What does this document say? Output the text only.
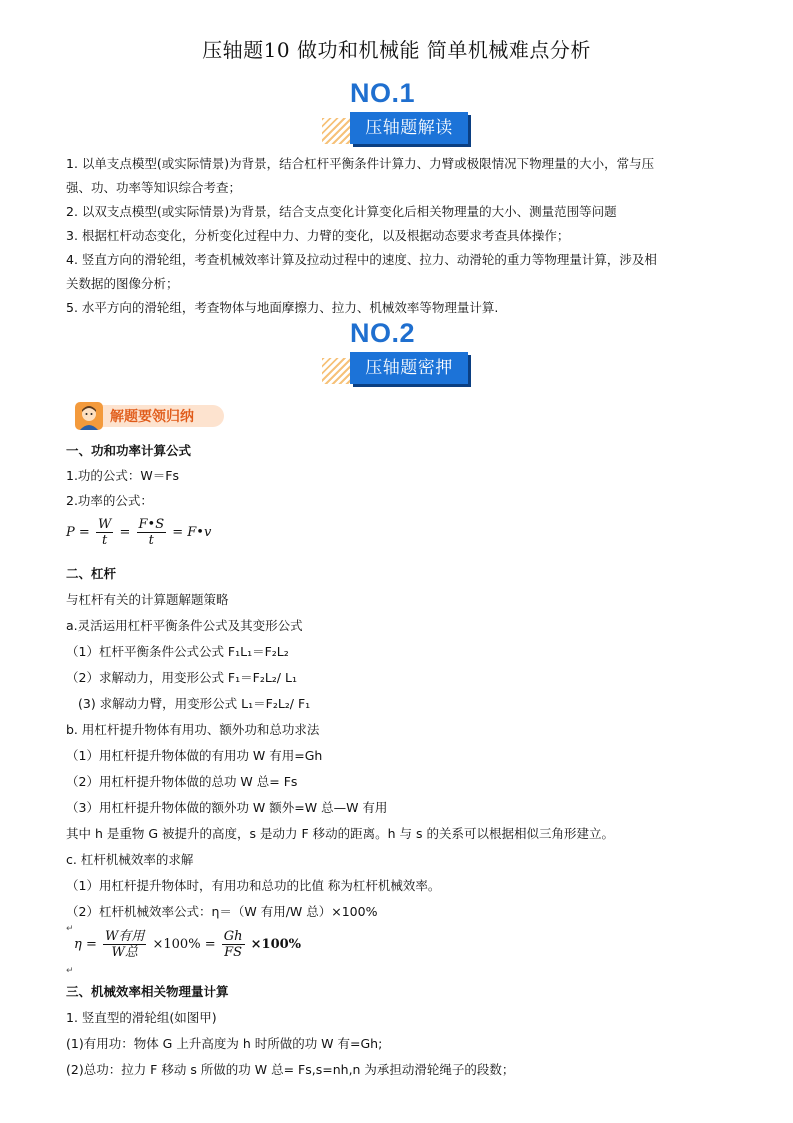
压轴题10 做功和机械能 简单机械难点分析
NO.1
压轴题解读
1. 以单支点模型(或实际情景)为背景，结合杠杆平衡条件计算力、力臂或极限情况下物理量的大小，常与压
强、功、功率等知识综合考查；
2. 以双支点模型(或实际情景)为背景，结合支点变化计算变化后相关物理量的大小、测量范围等问题
3. 根据杠杆动态变化，分析变化过程中力、力臂的变化，以及根据动态要求考查具体操作；
4. 竖直方向的滑轮组，考查机械效率计算及拉动过程中的速度、拉力、动滑轮的重力等物理量计算，涉及相
关数据的图像分析；
5. 水平方向的滑轮组，考查物体与地面摩擦力、拉力、机械效率等物理量计算.
NO.2
压轴题密押
解题要领归纳
一、功和功率计算公式
1.功的公式：W＝Fs
2.功率的公式：
$P = \frac{W}{t} = \frac{F•S}{t}$ = F•v
二、杠杆
与杠杆有关的计算题解题策略
a.灵活运用杠杆平衡条件公式及其变形公式
（1）杠杆平衡条件公式公式 F₁L₁＝F₂L₂
（2）求解动力，用变形公式 F₁＝F₂L₂/ L₁
(3) 求解动力臂，用变形公式 L₁＝F₂L₂/ F₁
b. 用杠杆提升物体有用功、额外功和总功求法
（1）用杠杆提升物体做的有用功 W 有用=Gh
（2）用杠杆提升物体做的总功 W 总= Fs
（3）用杠杆提升物体做的额外功 W 额外=W 总—W 有用
其中 h 是重物 G 被提升的高度，s 是动力 F 移动的距离。h 与 s 的关系可以根据相似三角形建立。
c. 杠杆机械效率的求解
（1）用杠杆提升物体时，有用功和总功的比值 称为杠杆机械效率。
（2）杠杆机械效率公式：η＝（W 有用/W 总）×100%
↵
$\eta = \frac{\text{W有用}}{\text{W总}} \times 100\% = \frac{Gh}{FS} \times 100\%$
↵
三、机械效率相关物理量计算
1. 竖直型的滑轮组(如图甲)
(1)有用功：物体 G 上升高度为 h 时所做的功 W 有=Gh;
(2)总功：拉力 F 移动 s 所做的功 W 总= Fs,s=nh,n 为承担动滑轮绳子的段数；
